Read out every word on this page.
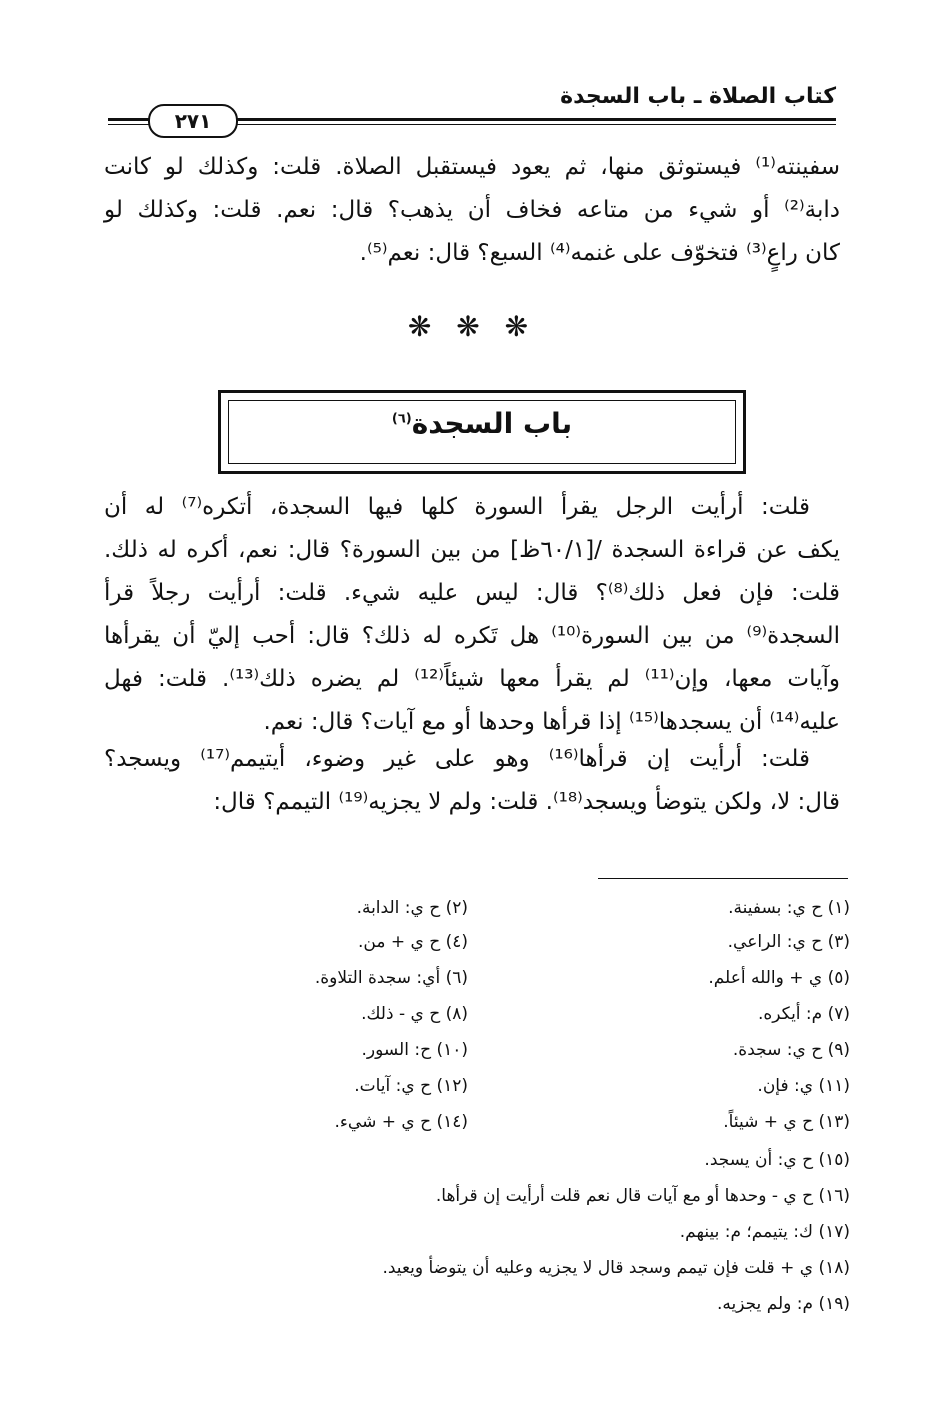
كتاب الصلاة ـ باب السجدة
٢٧١
سفينته⁽¹⁾ فيستوثق منها، ثم يعود فيستقبل الصلاة. قلت: وكذلك لو كانت
دابة⁽²⁾ أو شيء من متاعه فخاف أن يذهب؟ قال: نعم. قلت: وكذلك لو
كان راعٍ⁽³⁾ فتخوّف على غنمه⁽⁴⁾ السبع؟ قال: نعم⁽⁵⁾.
❋ ❋ ❋
باب السجدة$^{(٦)}$
قلت: أرأيت الرجل يقرأ السورة كلها فيها السجدة، أتكره⁽⁷⁾ له أن
يكف عن قراءة السجدة /[٦٠/١ظ] من بين السورة؟ قال: نعم، أكره له ذلك.
قلت: فإن فعل ذلك⁽⁸⁾؟ قال: ليس عليه شيء. قلت: أرأيت رجلاً قرأ
السجدة⁽⁹⁾ من بين السورة⁽¹⁰⁾ هل تَكره له ذلك؟ قال: أحب إليّ أن يقرأها
وآيات معها، وإن⁽¹¹⁾ لم يقرأ معها شيئاً⁽¹²⁾ لم يضره ذلك⁽¹³⁾. قلت: فهل
عليه⁽¹⁴⁾ أن يسجدها⁽¹⁵⁾ إذا قرأها وحدها أو مع آيات؟ قال: نعم.
قلت: أرأيت إن قرأها⁽¹⁶⁾ وهو على غير وضوء، أيتيمم⁽¹⁷⁾ ويسجد؟
قال: لا، ولكن يتوضأ ويسجد⁽¹⁸⁾. قلت: ولم لا يجزيه⁽¹⁹⁾ التيمم؟ قال:
(١) ح ي: بسفينة.
(٢) ح ي: الدابة.
(٣) ح ي: الراعي.
(٤) ح ي + من.
(٥) ي + والله أعلم.
(٦) أي: سجدة التلاوة.
(٧) م: أيكره.
(٨) ح ي - ذلك.
(٩) ح ي: سجدة.
(١٠) ح: السور.
(١١) ي: فإن.
(١٢) ح ي: آيات.
(١٣) ح ي + شيئاً.
(١٤) ح ي + شيء.
(١٥) ح ي: أن يسجد.
(١٦) ح ي - وحدها أو مع آيات قال نعم قلت أرأيت إن قرأها.
(١٧) ك: يتيمم؛ م: بينهم.
(١٨) ي + قلت فإن تيمم وسجد قال لا يجزيه وعليه أن يتوضأ ويعيد.
(١٩) م: ولم يجزيه.
